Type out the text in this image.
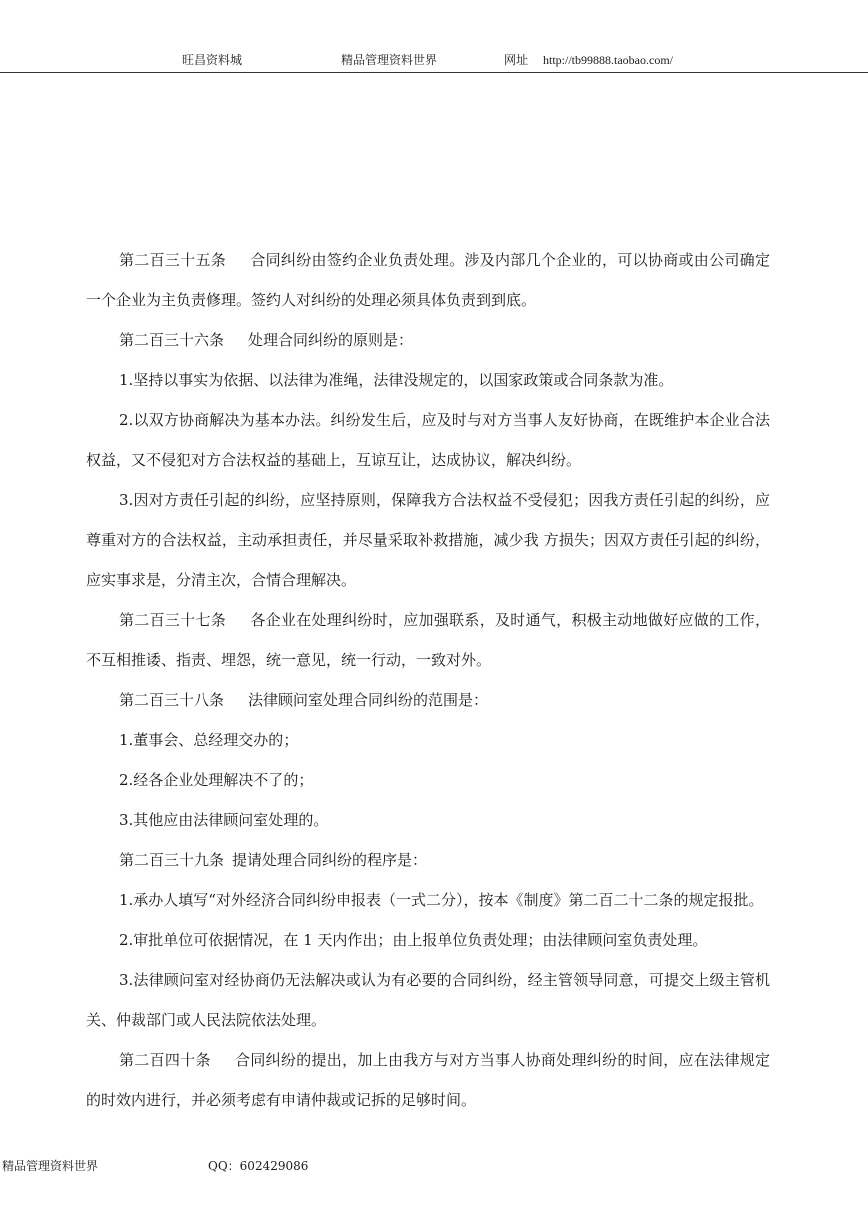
旺昌资料城	精品管理资料世界	网址 http://tb99888.taobao.com/

第二百三十五条 合同纠纷由签约企业负责处理。涉及内部几个企业的，可以协商或由公司确定一个企业为主负责修理。签约人对纠纷的处理必须具体负责到到底。

第二百三十六条 处理合同纠纷的原则是：

1.坚持以事实为依据、以法律为准绳，法律没规定的，以国家政策或合同条款为准。

2.以双方协商解决为基本办法。纠纷发生后，应及时与对方当事人友好协商，在既维护本企业合法权益，又不侵犯对方合法权益的基础上，互谅互让，达成协议，解决纠纷。

3.因对方责任引起的纠纷，应坚持原则，保障我方合法权益不受侵犯；因我方责任引起的纠纷，应尊重对方的合法权益，主动承担责任，并尽量采取补救措施，减少我 方损失；因双方责任引起的纠纷，应实事求是，分清主次，合情合理解决。

第二百三十七条 各企业在处理纠纷时，应加强联系，及时通气，积极主动地做好应做的工作，不互相推诿、指责、埋怨，统一意见，统一行动，一致对外。

第二百三十八条 法律顾问室处理合同纠纷的范围是：

1.董事会、总经理交办的；

2.经各企业处理解决不了的；

3.其他应由法律顾问室处理的。

第二百三十九条 提请处理合同纠纷的程序是：

1.承办人填写“对外经济合同纠纷申报表（一式二分），按本《制度》第二百二十二条的规定报批。

2.审批单位可依据情况，在 1 天内作出；由上报单位负责处理；由法律顾问室负责处理。

3.法律顾问室对经协商仍无法解决或认为有必要的合同纠纷，经主管领导同意，可提交上级主管机关、仲裁部门或人民法院依法处理。

第二百四十条 合同纠纷的提出，加上由我方与对方当事人协商处理纠纷的时间，应在法律规定的时效内进行，并必须考虑有申请仲裁或记拆的足够时间。

精品管理资料世界	QQ：602429086
